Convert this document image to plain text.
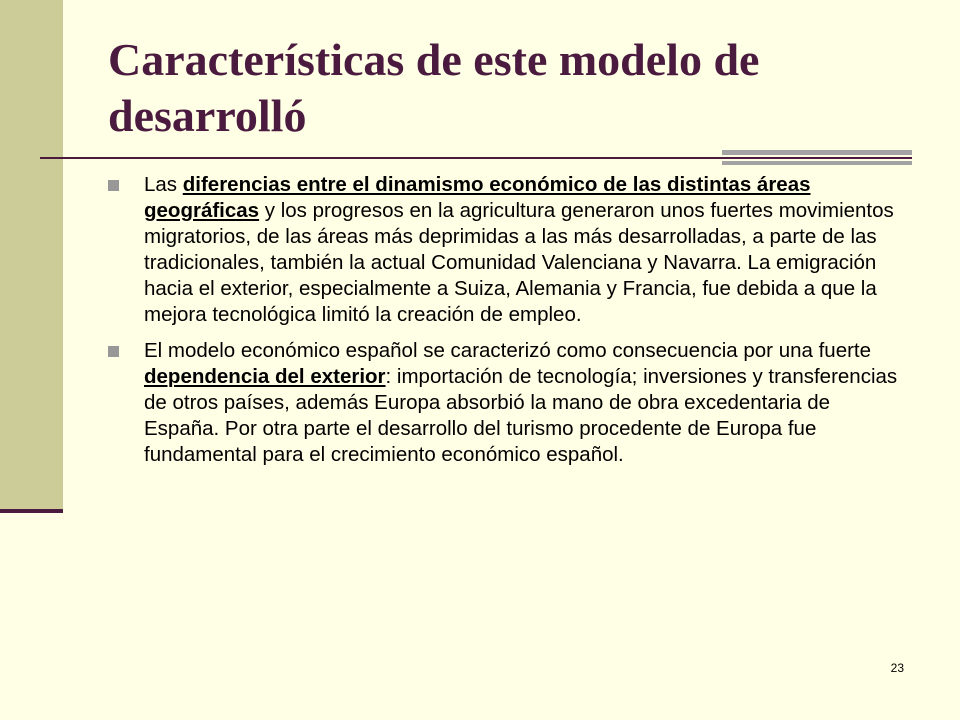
Características de este modelo de desarrolló

Las diferencias entre el dinamismo económico de las distintas áreas geográficas y los progresos en la agricultura generaron unos fuertes movimientos migratorios, de las áreas más deprimidas a las más desarrolladas, a parte de las tradicionales, también la actual Comunidad Valenciana y Navarra. La emigración hacia el exterior, especialmente a Suiza, Alemania y Francia, fue debida a que la mejora tecnológica limitó la creación de empleo.

El modelo económico español se caracterizó como consecuencia por una fuerte dependencia del exterior: importación de tecnología; inversiones y transferencias de otros países, además Europa absorbió la mano de obra excedentaria de España. Por otra parte el desarrollo del turismo procedente de Europa fue fundamental para el crecimiento económico español.

23
